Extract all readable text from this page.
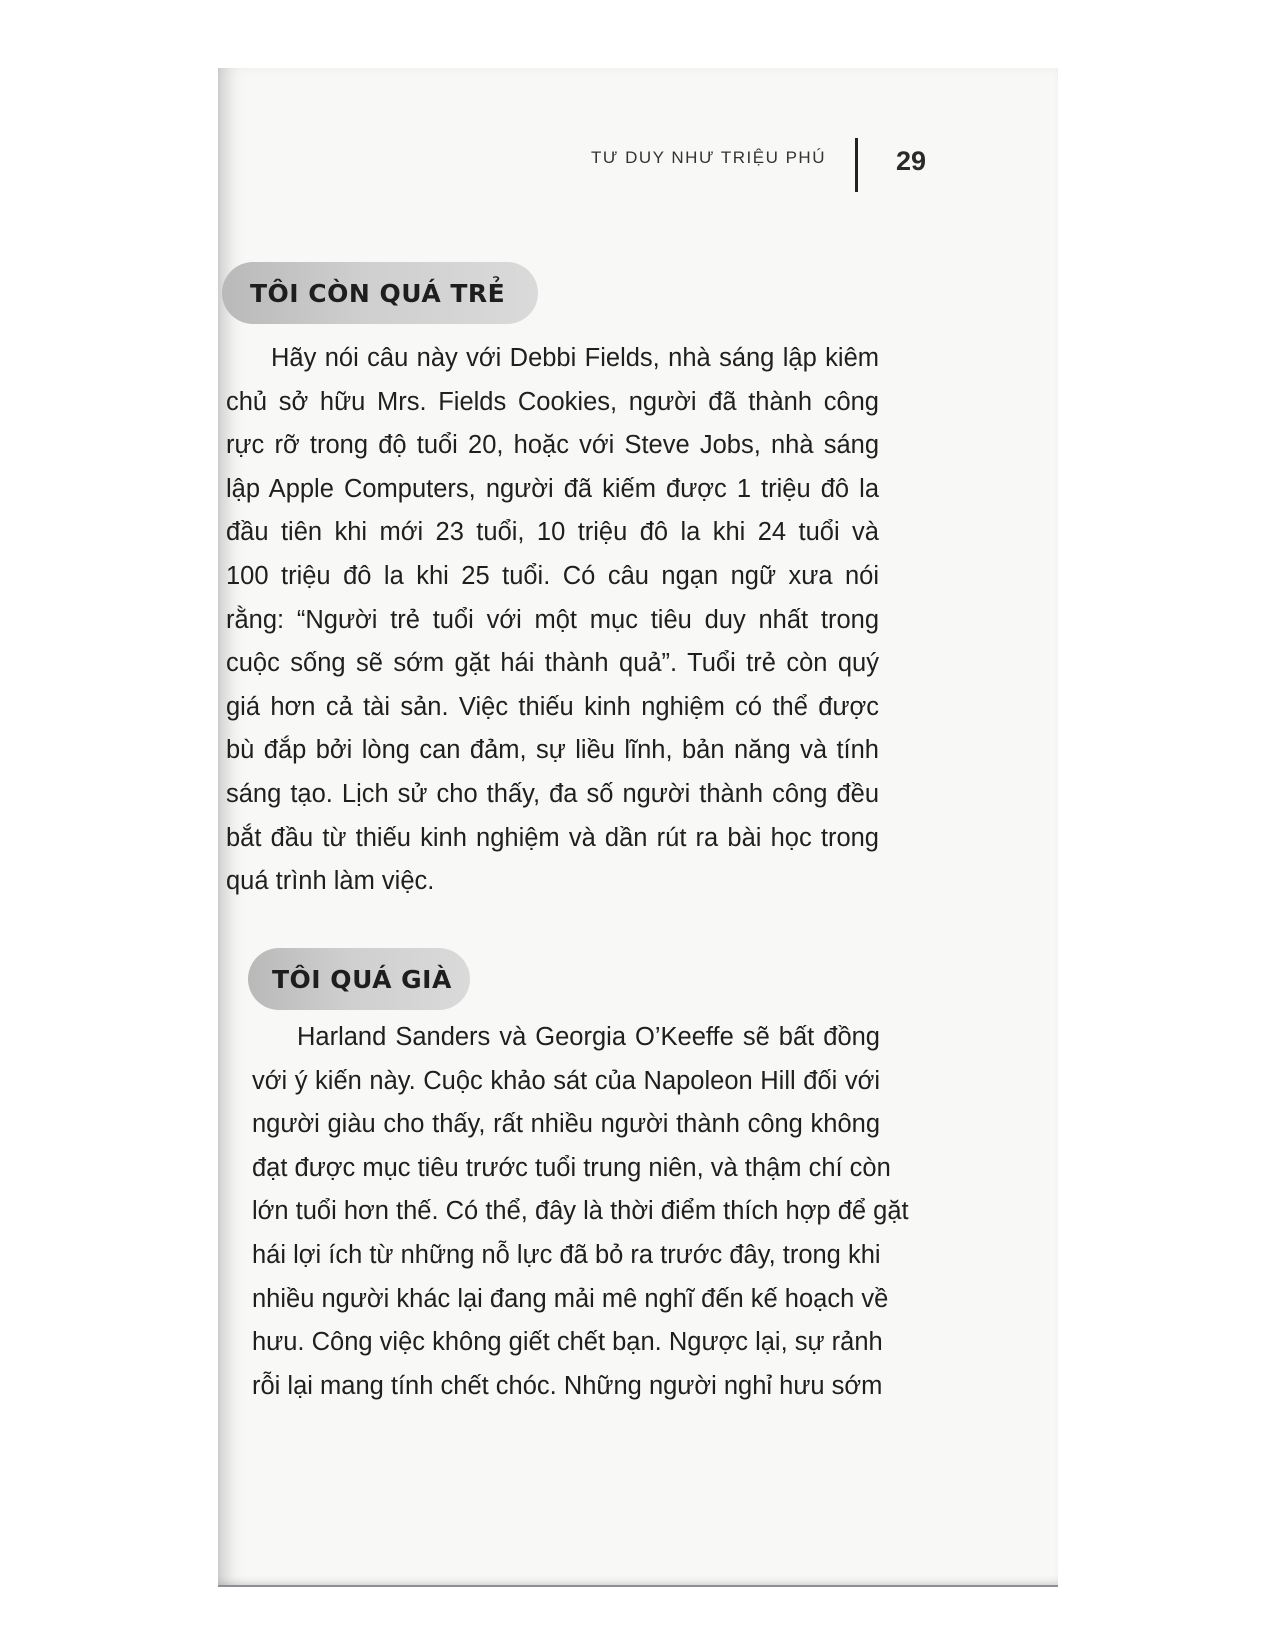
TƯ DUY NHƯ TRIỆU PHÚ	29
TÔI CÒN QUÁ TRẺ
Hãy nói câu này với Debbi Fields, nhà sáng lập kiêm
chủ sở hữu Mrs. Fields Cookies, người đã thành công
rực rỡ trong độ tuổi 20, hoặc với Steve Jobs, nhà sáng
lập Apple Computers, người đã kiếm được 1 triệu đô la
đầu tiên khi mới 23 tuổi, 10 triệu đô la khi 24 tuổi và
100 triệu đô la khi 25 tuổi. Có câu ngạn ngữ xưa nói
rằng: “Người trẻ tuổi với một mục tiêu duy nhất trong
cuộc sống sẽ sớm gặt hái thành quả”. Tuổi trẻ còn quý
giá hơn cả tài sản. Việc thiếu kinh nghiệm có thể được
bù đắp bởi lòng can đảm, sự liều lĩnh, bản năng và tính
sáng tạo. Lịch sử cho thấy, đa số người thành công đều
bắt đầu từ thiếu kinh nghiệm và dần rút ra bài học trong
quá trình làm việc.
TÔI QUÁ GIÀ
Harland Sanders và Georgia O’Keeffe sẽ bất đồng
với ý kiến này. Cuộc khảo sát của Napoleon Hill đối với
người giàu cho thấy, rất nhiều người thành công không
đạt được mục tiêu trước tuổi trung niên, và thậm chí còn
lớn tuổi hơn thế. Có thể, đây là thời điểm thích hợp để gặt
hái lợi ích từ những nỗ lực đã bỏ ra trước đây, trong khi
nhiều người khác lại đang mải mê nghĩ đến kế hoạch về
hưu. Công việc không giết chết bạn. Ngược lại, sự rảnh
rỗi lại mang tính chết chóc. Những người nghỉ hưu sớm
